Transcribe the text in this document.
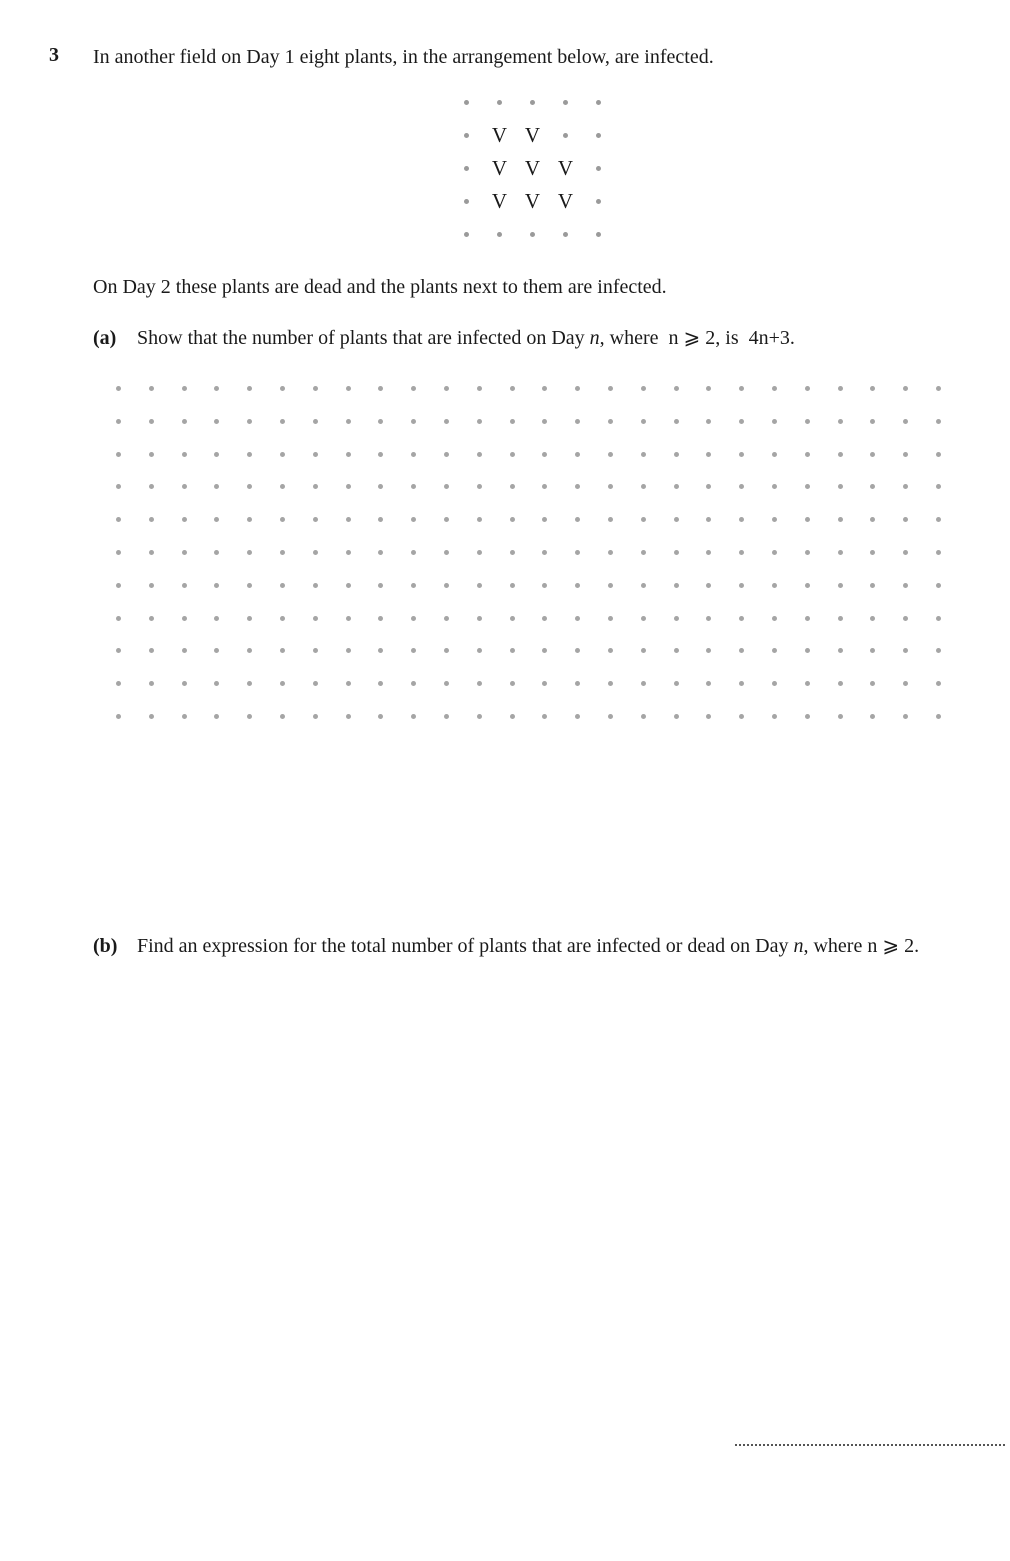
3 In another field on Day 1 eight plants, in the arrangement below, are infected.
V V
V V V
V V V
On Day 2 these plants are dead and the plants next to them are infected.
(a) Show that the number of plants that are infected on Day n, where  n ⩾ 2, is  4n+3.
(b) Find an expression for the total number of plants that are infected or dead on Day n, where n ⩾ 2.
